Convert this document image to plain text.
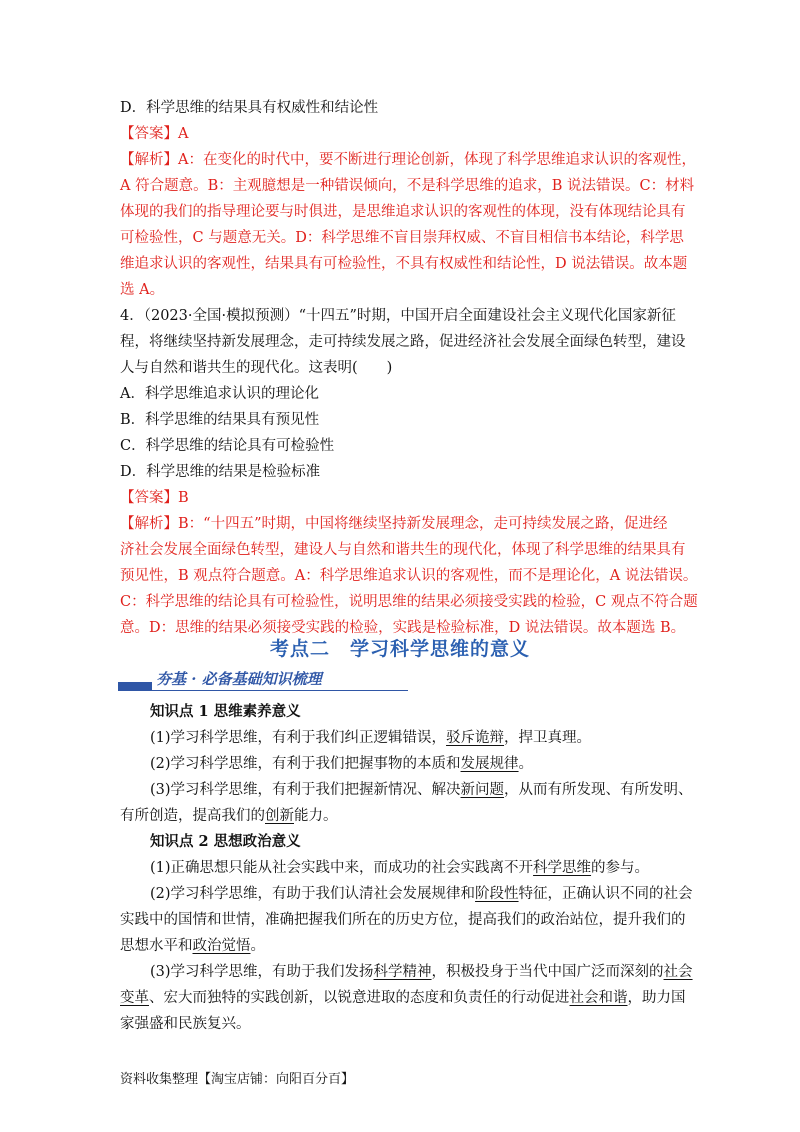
D．科学思维的结果具有权威性和结论性
【答案】A
【解析】A：在变化的时代中，要不断进行理论创新，体现了科学思维追求认识的客观性，
A 符合题意。B：主观臆想是一种错误倾向，不是科学思维的追求，B 说法错误。C：材料
体现的我们的指导理论要与时俱进，是思维追求认识的客观性的体现，没有体现结论具有
可检验性，C 与题意无关。D：科学思维不盲目崇拜权威、不盲目相信书本结论，科学思
维追求认识的客观性，结果具有可检验性，不具有权威性和结论性，D 说法错误。故本题
选 A。
4．（2023·全国·模拟预测）“十四五”时期，中国开启全面建设社会主义现代化国家新征
程，将继续坚持新发展理念，走可持续发展之路，促进经济社会发展全面绿色转型，建设
人与自然和谐共生的现代化。这表明(　　)
A．科学思维追求认识的理论化
B．科学思维的结果具有预见性
C．科学思维的结论具有可检验性
D．科学思维的结果是检验标准
【答案】B
【解析】B：“十四五”时期，中国将继续坚持新发展理念，走可持续发展之路，促进经
济社会发展全面绿色转型，建设人与自然和谐共生的现代化，体现了科学思维的结果具有
预见性，B 观点符合题意。A：科学思维追求认识的客观性，而不是理论化，A 说法错误。
C：科学思维的结论具有可检验性，说明思维的结果必须接受实践的检验，C 观点不符合题
意。D：思维的结果必须接受实践的检验，实践是检验标准，D 说法错误。故本题选 B。
考点二　学习科学思维的意义
夯基 · 必备基础知识梳理
知识点 1 思维素养意义
(1)学习科学思维，有利于我们纠正逻辑错误，驳斥诡辩，捍卫真理。
(2)学习科学思维，有利于我们把握事物的本质和发展规律。
(3)学习科学思维，有利于我们把握新情况、解决新问题，从而有所发现、有所发明、
有所创造，提高我们的创新能力。
知识点 2 思想政治意义
(1)正确思想只能从社会实践中来，而成功的社会实践离不开科学思维的参与。
(2)学习科学思维，有助于我们认清社会发展规律和阶段性特征，正确认识不同的社会
实践中的国情和世情，准确把握我们所在的历史方位，提高我们的政治站位，提升我们的
思想水平和政治觉悟。
(3)学习科学思维，有助于我们发扬科学精神，积极投身于当代中国广泛而深刻的社会
变革、宏大而独特的实践创新，以锐意进取的态度和负责任的行动促进社会和谐，助力国
家强盛和民族复兴。
资料收集整理【淘宝店铺：向阳百分百】
